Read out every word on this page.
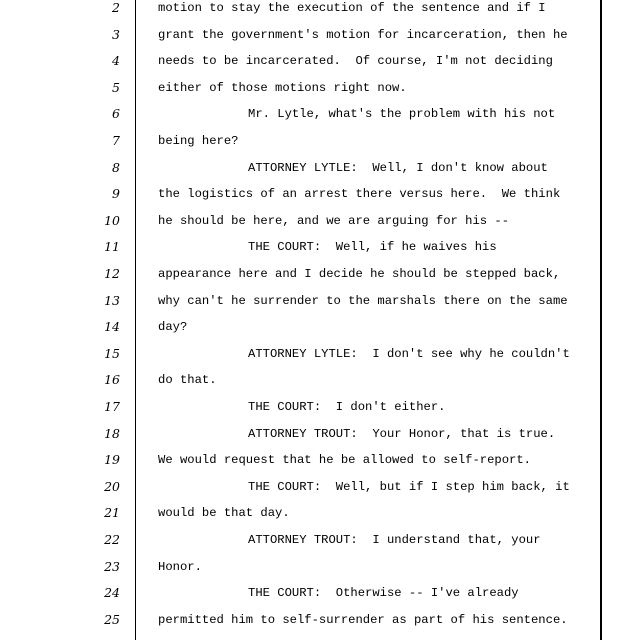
2	motion to stay the execution of the sentence and if I
3	grant the government's motion for incarceration, then he
4	needs to be incarcerated.  Of course, I'm not deciding
5	either of those motions right now.
6	Mr. Lytle, what's the problem with his not
7	being here?
8	ATTORNEY LYTLE:  Well, I don't know about
9	the logistics of an arrest there versus here.  We think
10	he should be here, and we are arguing for his --
11	THE COURT:  Well, if he waives his
12	appearance here and I decide he should be stepped back,
13	why can't he surrender to the marshals there on the same
14	day?
15	ATTORNEY LYTLE:  I don't see why he couldn't
16	do that.
17	THE COURT:  I don't either.
18	ATTORNEY TROUT:  Your Honor, that is true.
19	We would request that he be allowed to self-report.
20	THE COURT:  Well, but if I step him back, it
21	would be that day.
22	ATTORNEY TROUT:  I understand that, your
23	Honor.
24	THE COURT:  Otherwise -- I've already
25	permitted him to self-surrender as part of his sentence.
